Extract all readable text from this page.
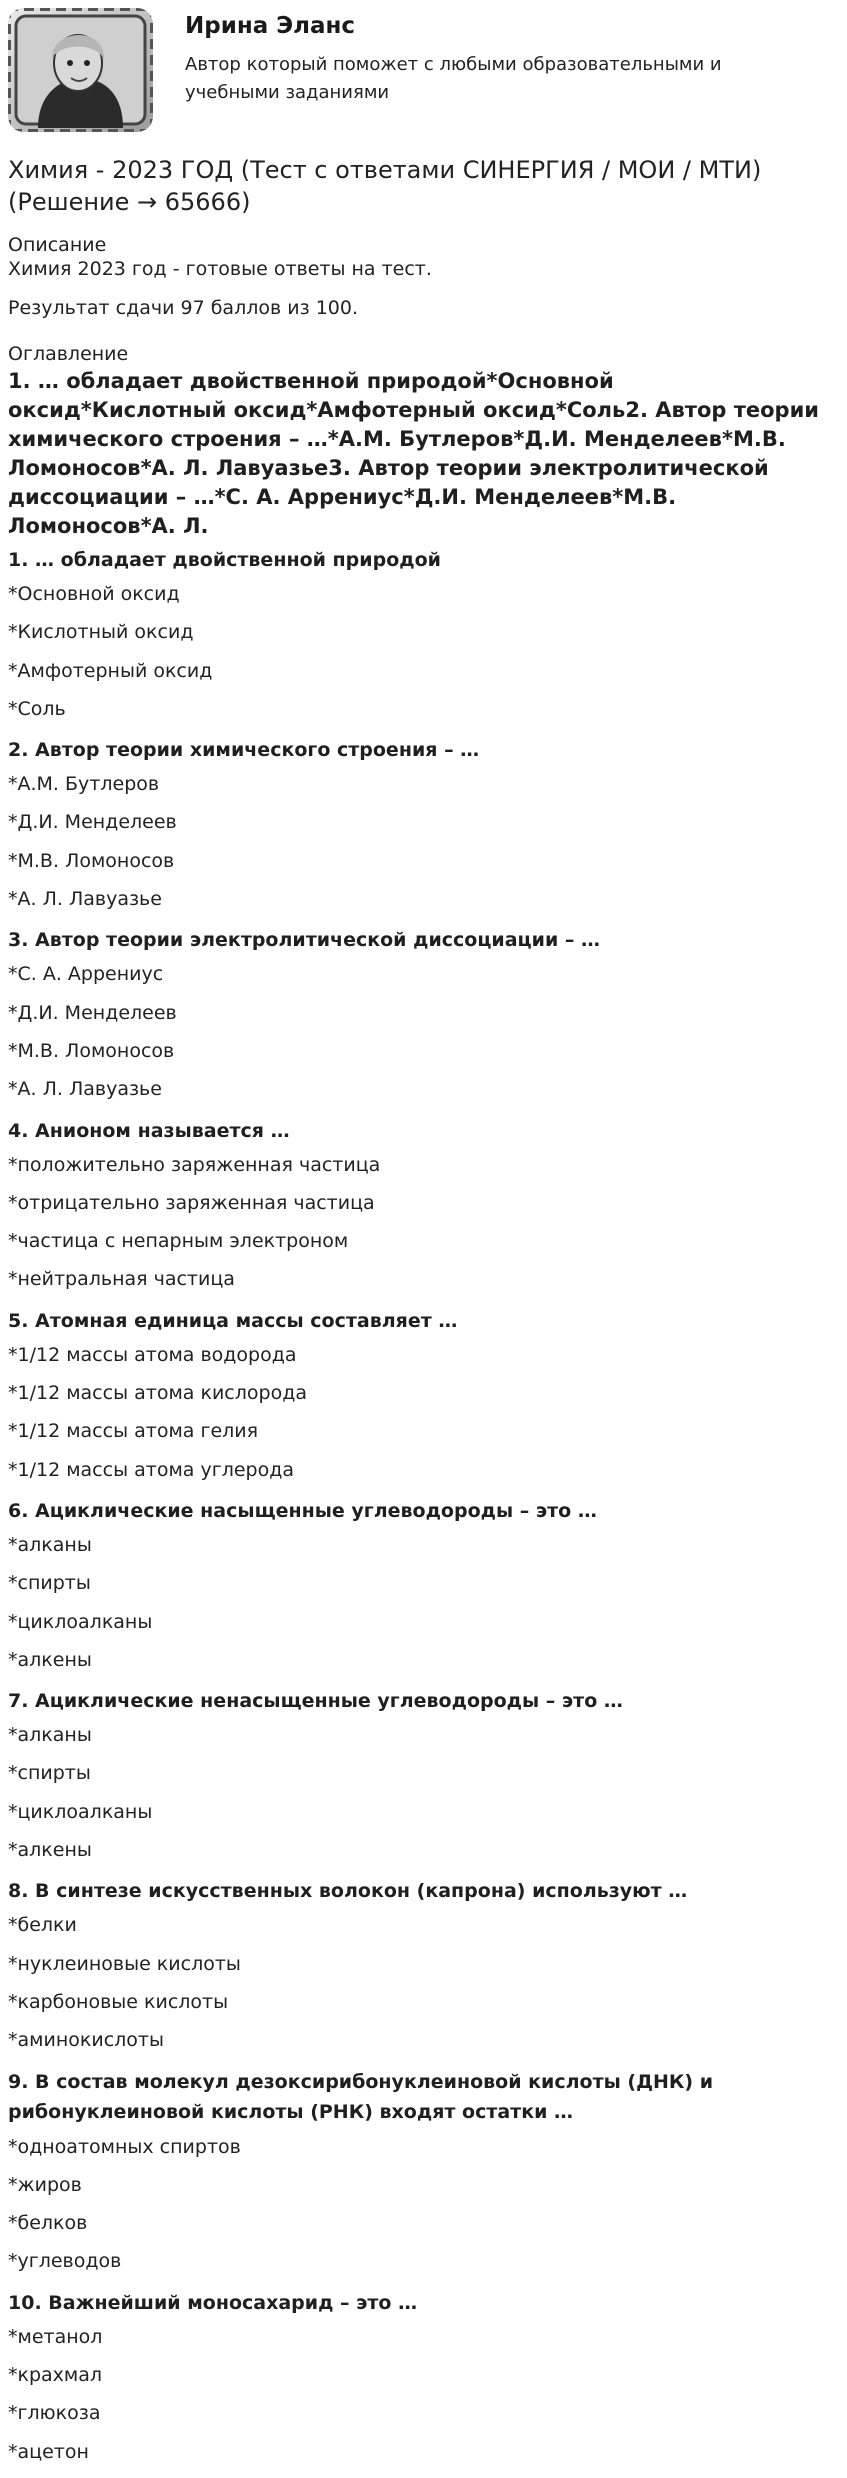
Ирина Эланс
Автор который поможет с любыми образовательными и учебными заданиями
Химия - 2023 ГОД (Тест с ответами СИНЕРГИЯ / МОИ / МТИ) (Решение → 65666)
Описание
Химия 2023 год - готовые ответы на тест.
Результат сдачи 97 баллов из 100.
Оглавление
1. … обладает двойственной природой*Основной оксид*Кислотный оксид*Амфотерный оксид*Соль2. Автор теории химического строения – …*А.М. Бутлеров*Д.И. Менделеев*М.В. Ломоносов*А. Л. Лавуазье3. Автор теории электролитической диссоциации – …*С. А. Аррениус*Д.И. Менделеев*М.В. Ломоносов*А. Л.
1. … обладает двойственной природой
*Основной оксид
*Кислотный оксид
*Амфотерный оксид
*Соль
2. Автор теории химического строения – …
*А.М. Бутлеров
*Д.И. Менделеев
*М.В. Ломоносов
*А. Л. Лавуазье
3. Автор теории электролитической диссоциации – …
*С. А. Аррениус
*Д.И. Менделеев
*М.В. Ломоносов
*А. Л. Лавуазье
4. Анионом называется …
*положительно заряженная частица
*отрицательно заряженная частица
*частица с непарным электроном
*нейтральная частица
5. Атомная единица массы составляет …
*1/12 массы атома водорода
*1/12 массы атома кислорода
*1/12 массы атома гелия
*1/12 массы атома углерода
6. Ациклические насыщенные углеводороды – это …
*алканы
*спирты
*циклоалканы
*алкены
7. Ациклические ненасыщенные углеводороды – это …
*алканы
*спирты
*циклоалканы
*алкены
8. В синтезе искусственных волокон (капрона) используют …
*белки
*нуклеиновые кислоты
*карбоновые кислоты
*аминокислоты
9. В состав молекул дезоксирибонуклеиновой кислоты (ДНК) и рибонуклеиновой кислоты (РНК) входят остатки …
*одноатомных спиртов
*жиров
*белков
*углеводов
10. Важнейший моносахарид – это …
*метанол
*крахмал
*глюкоза
*ацетон
